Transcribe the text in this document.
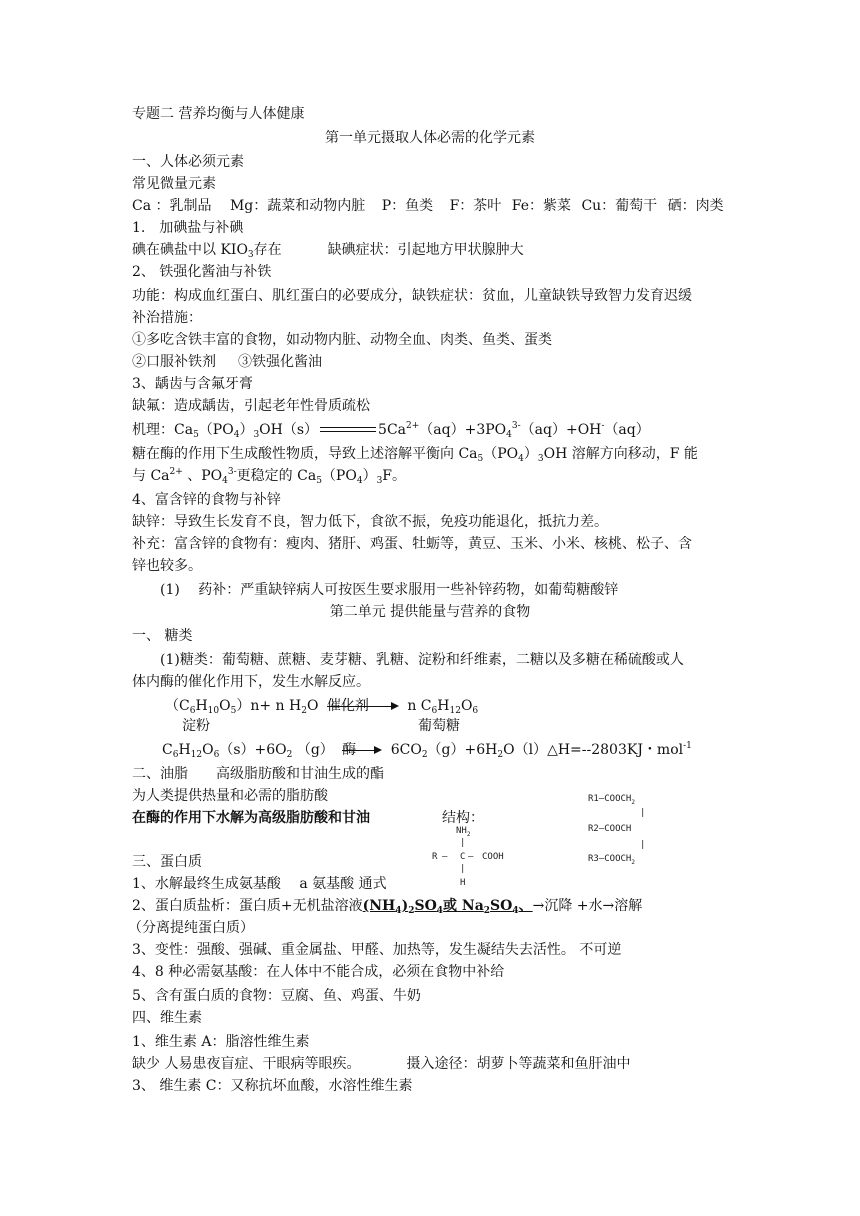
专题二 营养均衡与人体健康
第一单元摄取人体必需的化学元素
一、人体必须元素
常见微量元素
Ca ：乳制品 Mg：蔬菜和动物内脏 P：鱼类 F：茶叶 Fe：紫菜 Cu：葡萄干 硒：肉类
1.　加碘盐与补碘
碘在碘盐中以 $KIO_3$存在	缺碘症状：引起地方甲状腺肿大
2、 铁强化酱油与补铁
功能：构成血红蛋白、肌红蛋白的必要成分，缺铁症状：贫血，儿童缺铁导致智力发育迟缓
补治措施：
①多吃含铁丰富的食物，如动物内脏、动物全血、肉类、鱼类、蛋类
②口服补铁剂 ③铁强化酱油
3、龋齿与含氟牙膏
缺氟：造成龋齿，引起老年性骨质疏松
机理：$Ca_5(PO_4)_3OH(s)$	$5Ca^{2+}(aq)+3PO_4^{3-}(aq)+OH^-(aq)$
糖在酶的作用下生成酸性物质，导致上述溶解平衡向 $Ca_5(PO_4)_3OH$ 溶解方向移动，F 能
与 $Ca^{2+}$ 、$PO_4^{3-}$更稳定的 $Ca_5(PO_4)_3F$。
4、富含锌的食物与补锌
缺锌：导致生长发育不良，智力低下，食欲不振，免疫功能退化，抵抗力差。
补充：富含锌的食物有：瘦肉、猪肝、鸡蛋、牡蛎等，黄豆、玉米、小米、核桃、松子、含
锌也较多。
(1)　 药补：严重缺锌病人可按医生要求服用一些补锌药物，如葡萄糖酸锌
第二单元 提供能量与营养的食物
一、 糖类
(1)糖类：葡萄糖、蔗糖、麦芽糖、乳糖、淀粉和纤维素，二糖以及多糖在稀硫酸或人
体内酶的催化作用下，发生水解反应。
$(C_6H_{10}O_5)n+ n$ $H_2O$
催化剂 n $C_6H_{12}O_6$
淀粉	葡萄糖
$C_6H_{12}O_6(s)+6O_2$ （g）
酶 $6CO_2(g)+6H_2O(l)\triangle H=--2803KJ$・mol$^{-1}$
二、油脂　　高级脂肪酸和甘油生成的酯
为人类提供热量和必需的脂肪酸
在酶的作用下水解为高级脂肪酸和甘油	结构：
$R1—COOCH_2$
|
R2—COOCH
|
$R3—COOCH_2$
$NH_2$
|
R — C — COOH
|
H
三、蛋白质
1、水解最终生成氨基酸　 a 氨基酸 通式
2、蛋白质盐析：蛋白质+无机盐溶液$(NH_4)_2SO_4$或 $Na_2SO_4$、→沉降 +水→溶解
（分离提纯蛋白质）
3、变性：强酸、强碱、重金属盐、甲醛、加热等，发生凝结失去活性。 不可逆
4、8 种必需氨基酸：在人体中不能合成，必须在食物中补给
5、含有蛋白质的食物：豆腐、鱼、鸡蛋、牛奶
四、维生素
1、维生素 A：脂溶性维生素
缺少 人易患夜盲症、干眼病等眼疾。	摄入途径：胡萝卜等蔬菜和鱼肝油中
3、 维生素 C：又称抗坏血酸，水溶性维生素
